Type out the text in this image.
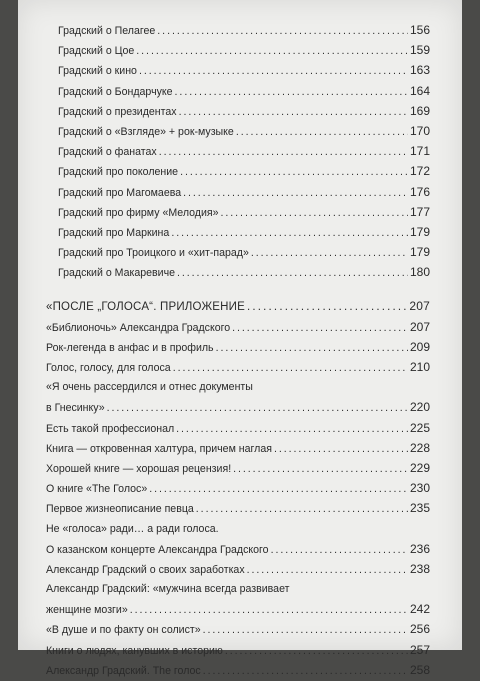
Градский о Пелагее . . .	156
Градский о Цое . . .	159
Градский о кино . . .	163
Градский о Бондарчуке . . .	164
Градский о президентах . . .	169
Градский о «Взгляде» + рок-музыке . . .	170
Градский о фанатах . . .	171
Градский про поколение . . .	172
Градский про Магомаева . . .	176
Градский про фирму «Мелодия» . . .	177
Градский про Маркина . . .	179
Градский про Троицкого и «хит-парад» . . .	179
Градский о Макаревиче . . .	180
«ПОСЛЕ „ГОЛОСА“. ПРИЛОЖЕНИЕ . . .	207
«Библионочь» Александра Градского . . .	207
Рок-легенда в анфас и в профиль . . .	209
Голос, голосу, для голоса . . .	210
«Я очень рассердился и отнес документы
в Гнесинку» . . .	220
Есть такой профессионал . . .	225
Книга — откровенная халтура, причем наглая . . .	228
Хорошей книге — хорошая рецензия! . . .	229
О книге «The Голос» . . .	230
Первое жизнеописание певца . . .	235
Не «голоса» ради… а ради голоса.
О казанском концерте Александра Градского . . .	236
Александр Градский о своих заработках . . .	238
Александр Градский: «мужчина всегда развивает
женщине мозги» . . .	242
«В душе и по факту он солист» . . .	256
Книги о людях, канувших в историю . . .	257
Александр Градский. The голос . . .	258
